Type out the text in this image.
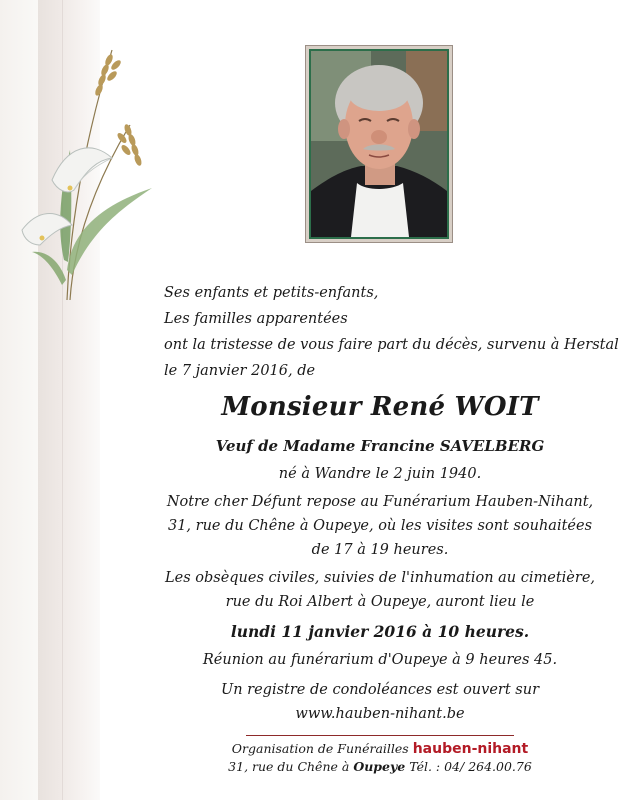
Ses enfants et petits-enfants,
Les familles apparentées
ont la tristesse de vous faire part du décès, survenu à Herstal
le 7 janvier 2016, de
Monsieur René WOIT
Veuf de Madame Francine SAVELBERG
né à Wandre le 2 juin 1940.
Notre cher Défunt repose au Funérarium Hauben-Nihant,
31, rue du Chêne à Oupeye, où les visites sont souhaitées
de 17 à 19 heures.
Les obsèques civiles, suivies de l'inhumation au cimetière,
rue du Roi Albert à Oupeye, auront lieu le
lundi 11 janvier 2016 à 10 heures.
Réunion au funérarium d'Oupeye à 9 heures 45.
Un registre de condoléances est ouvert sur
www.hauben-nihant.be
Organisation de Funérailles hauben-nihant
31, rue du Chêne à Oupeye Tél. : 04/ 264.00.76
